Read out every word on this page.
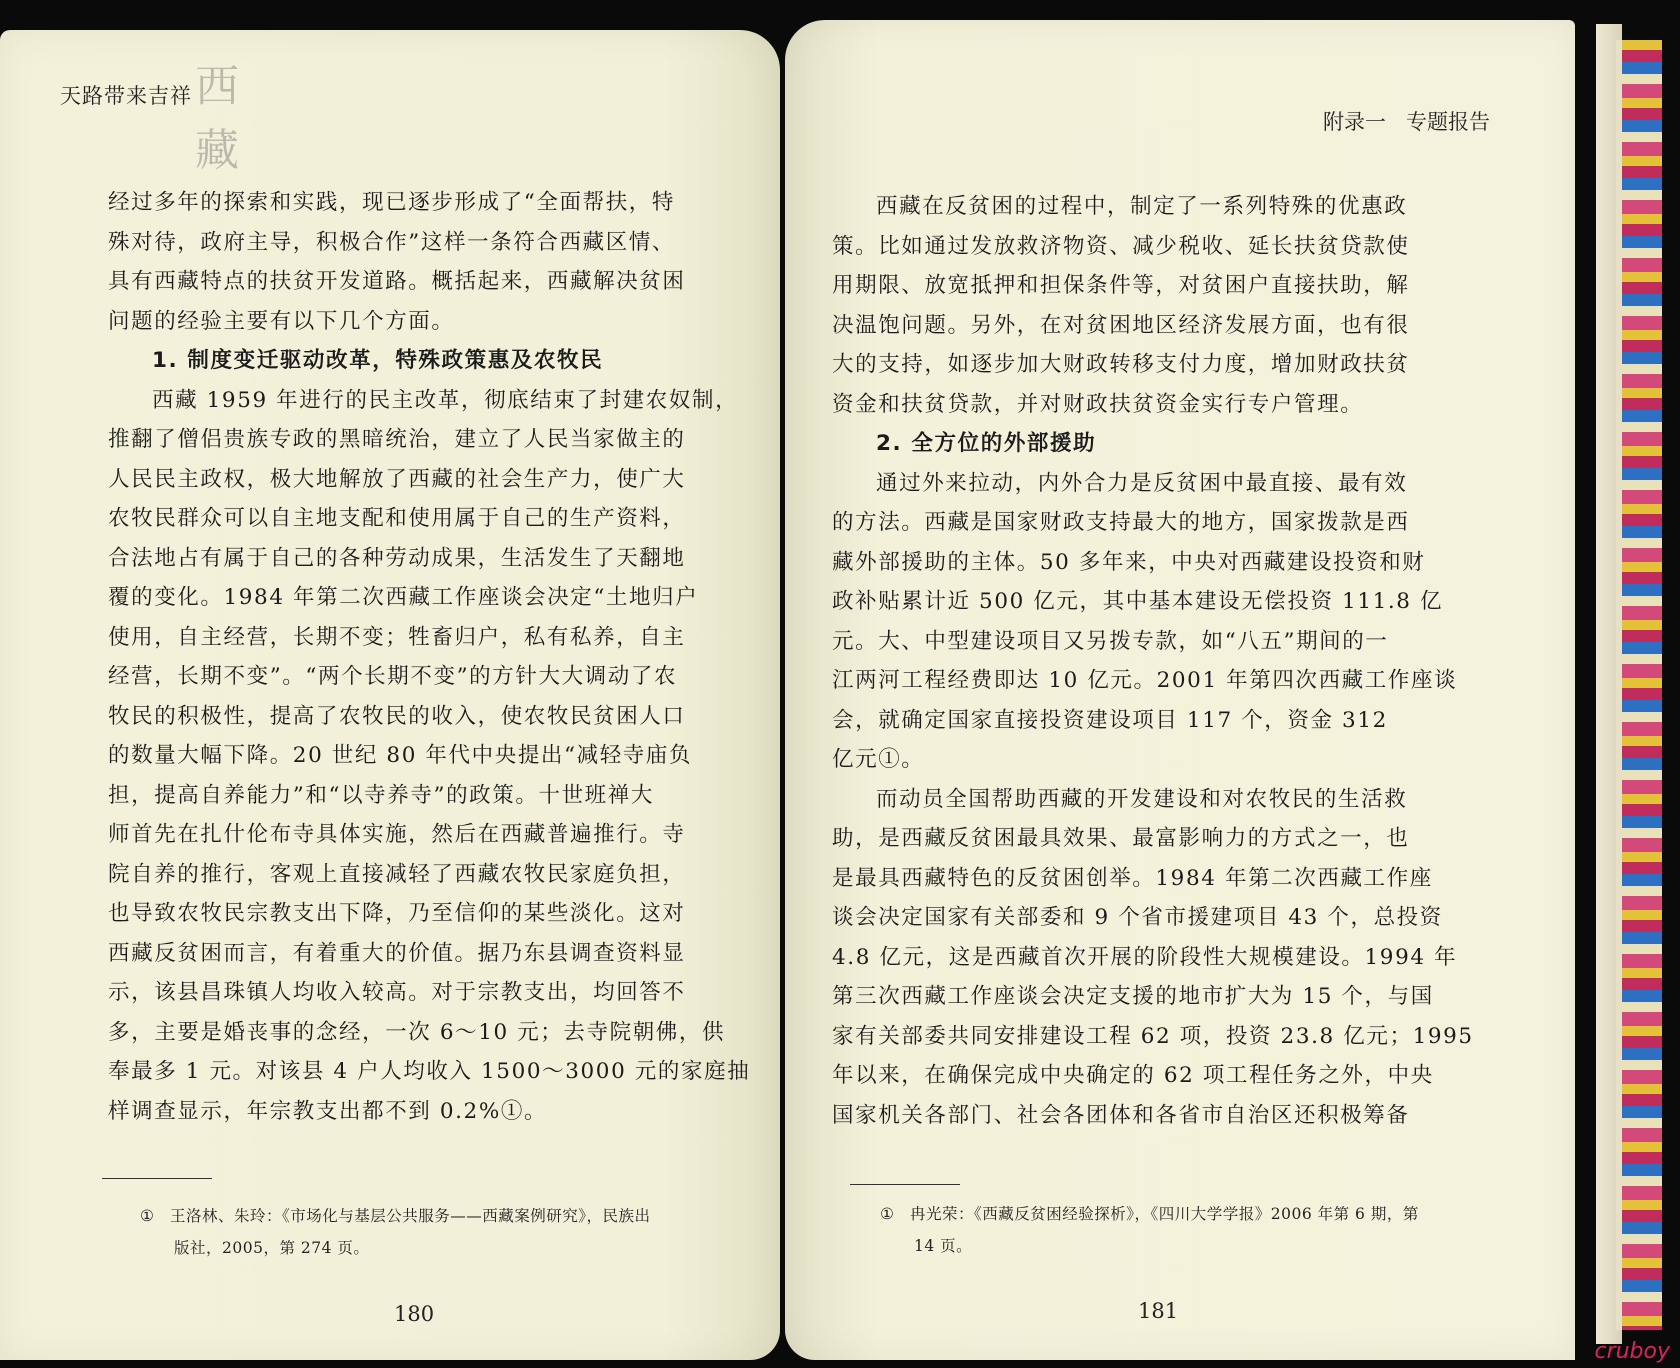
天路带来吉祥 西藏
经过多年的探索和实践，现已逐步形成了“全面帮扶，特
殊对待，政府主导，积极合作”这样一条符合西藏区情、
具有西藏特点的扶贫开发道路。概括起来，西藏解决贫困
问题的经验主要有以下几个方面。
1. 制度变迁驱动改革，特殊政策惠及农牧民
西藏 1959 年进行的民主改革，彻底结束了封建农奴制，
推翻了僧侣贵族专政的黑暗统治，建立了人民当家做主的
人民民主政权，极大地解放了西藏的社会生产力，使广大
农牧民群众可以自主地支配和使用属于自己的生产资料，
合法地占有属于自己的各种劳动成果，生活发生了天翻地
覆的变化。1984 年第二次西藏工作座谈会决定“土地归户
使用，自主经营，长期不变；牲畜归户，私有私养，自主
经营，长期不变”。“两个长期不变”的方针大大调动了农
牧民的积极性，提高了农牧民的收入，使农牧民贫困人口
的数量大幅下降。20 世纪 80 年代中央提出“减轻寺庙负
担，提高自养能力”和“以寺养寺”的政策。十世班禅大
师首先在扎什伦布寺具体实施，然后在西藏普遍推行。寺
院自养的推行，客观上直接减轻了西藏农牧民家庭负担，
也导致农牧民宗教支出下降，乃至信仰的某些淡化。这对
西藏反贫困而言，有着重大的价值。据乃东县调查资料显
示，该县昌珠镇人均收入较高。对于宗教支出，均回答不
多，主要是婚丧事的念经，一次 6～10 元；去寺院朝佛，供
奉最多 1 元。对该县 4 户人均收入 1500～3000 元的家庭抽
样调查显示，年宗教支出都不到 0.2%①。
① 王洛林、朱玲：《市场化与基层公共服务——西藏案例研究》，民族出
版社，2005，第 274 页。
180
附录一 专题报告
西藏在反贫困的过程中，制定了一系列特殊的优惠政
策。比如通过发放救济物资、减少税收、延长扶贫贷款使
用期限、放宽抵押和担保条件等，对贫困户直接扶助，解
决温饱问题。另外，在对贫困地区经济发展方面，也有很
大的支持，如逐步加大财政转移支付力度，增加财政扶贫
资金和扶贫贷款，并对财政扶贫资金实行专户管理。
2. 全方位的外部援助
通过外来拉动，内外合力是反贫困中最直接、最有效
的方法。西藏是国家财政支持最大的地方，国家拨款是西
藏外部援助的主体。50 多年来，中央对西藏建设投资和财
政补贴累计近 500 亿元，其中基本建设无偿投资 111.8 亿
元。大、中型建设项目又另拨专款，如“八五”期间的一
江两河工程经费即达 10 亿元。2001 年第四次西藏工作座谈
会，就确定国家直接投资建设项目 117 个，资金 312
亿元①。
而动员全国帮助西藏的开发建设和对农牧民的生活救
助，是西藏反贫困最具效果、最富影响力的方式之一，也
是最具西藏特色的反贫困创举。1984 年第二次西藏工作座
谈会决定国家有关部委和 9 个省市援建项目 43 个，总投资
4.8 亿元，这是西藏首次开展的阶段性大规模建设。1994 年
第三次西藏工作座谈会决定支援的地市扩大为 15 个，与国
家有关部委共同安排建设工程 62 项，投资 23.8 亿元；1995
年以来，在确保完成中央确定的 62 项工程任务之外，中央
国家机关各部门、社会各团体和各省市自治区还积极筹备
① 冉光荣：《西藏反贫困经验探析》，《四川大学学报》2006 年第 6 期，第
14 页。
181
cruboy
